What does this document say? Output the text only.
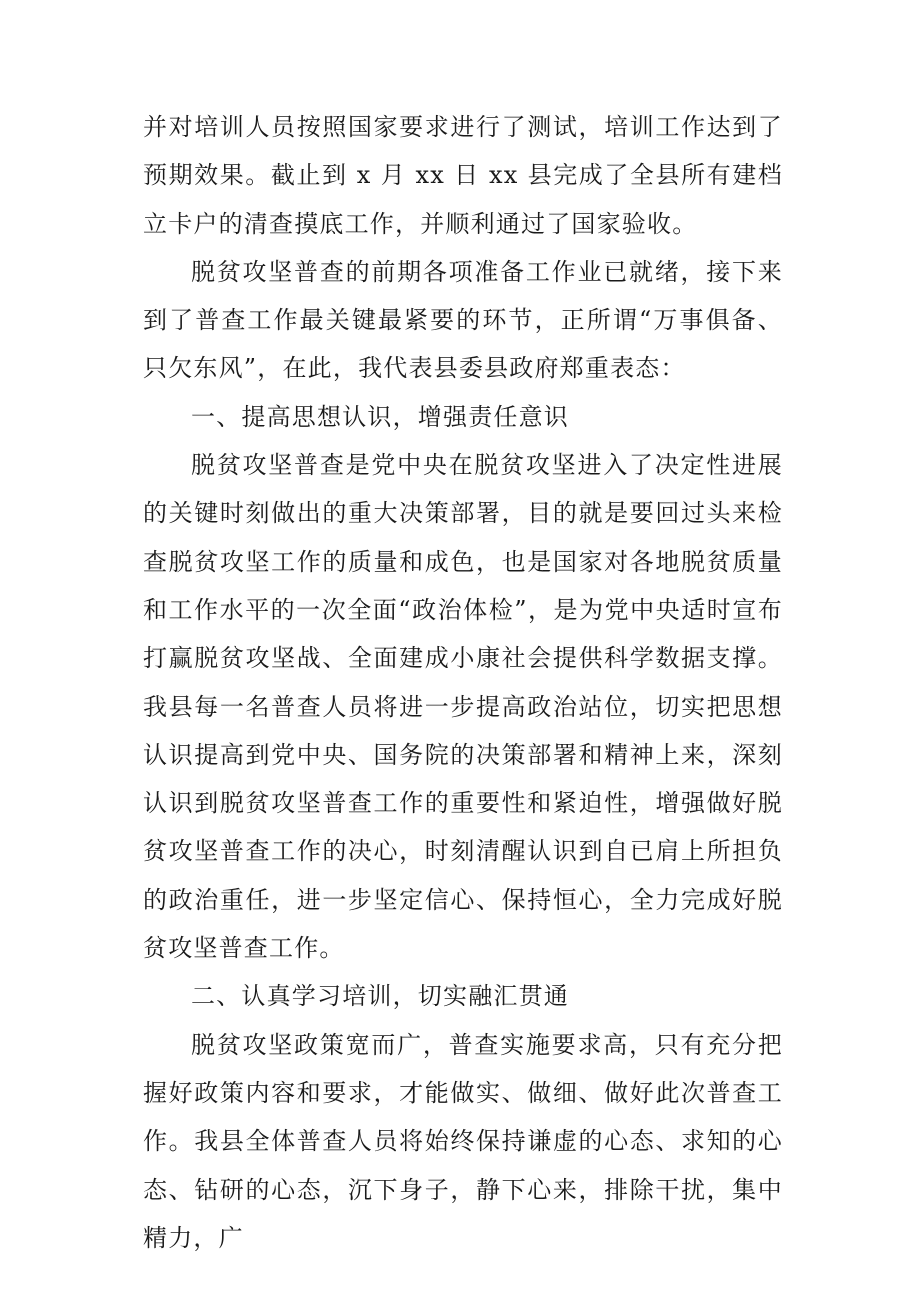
并对培训人员按照国家要求进行了测试，培训工作达到了预期效果。截止到 x 月 xx 日 xx 县完成了全县所有建档立卡户的清查摸底工作，并顺利通过了国家验收。

脱贫攻坚普查的前期各项准备工作业已就绪，接下来到了普查工作最关键最紧要的环节，正所谓“万事俱备、只欠东风”，在此，我代表县委县政府郑重表态：

一、提高思想认识，增强责任意识

脱贫攻坚普查是党中央在脱贫攻坚进入了决定性进展的关键时刻做出的重大决策部署，目的就是要回过头来检查脱贫攻坚工作的质量和成色，也是国家对各地脱贫质量和工作水平的一次全面“政治体检”，是为党中央适时宣布打赢脱贫攻坚战、全面建成小康社会提供科学数据支撑。我县每一名普查人员将进一步提高政治站位，切实把思想认识提高到党中央、国务院的决策部署和精神上来，深刻认识到脱贫攻坚普查工作的重要性和紧迫性，增强做好脱贫攻坚普查工作的决心，时刻清醒认识到自已肩上所担负的政治重任，进一步坚定信心、保持恒心，全力完成好脱贫攻坚普查工作。

二、认真学习培训，切实融汇贯通

脱贫攻坚政策宽而广，普查实施要求高，只有充分把握好政策内容和要求，才能做实、做细、做好此次普查工作。我县全体普查人员将始终保持谦虚的心态、求知的心态、钻研的心态，沉下身子，静下心来，排除干扰，集中精力，广
